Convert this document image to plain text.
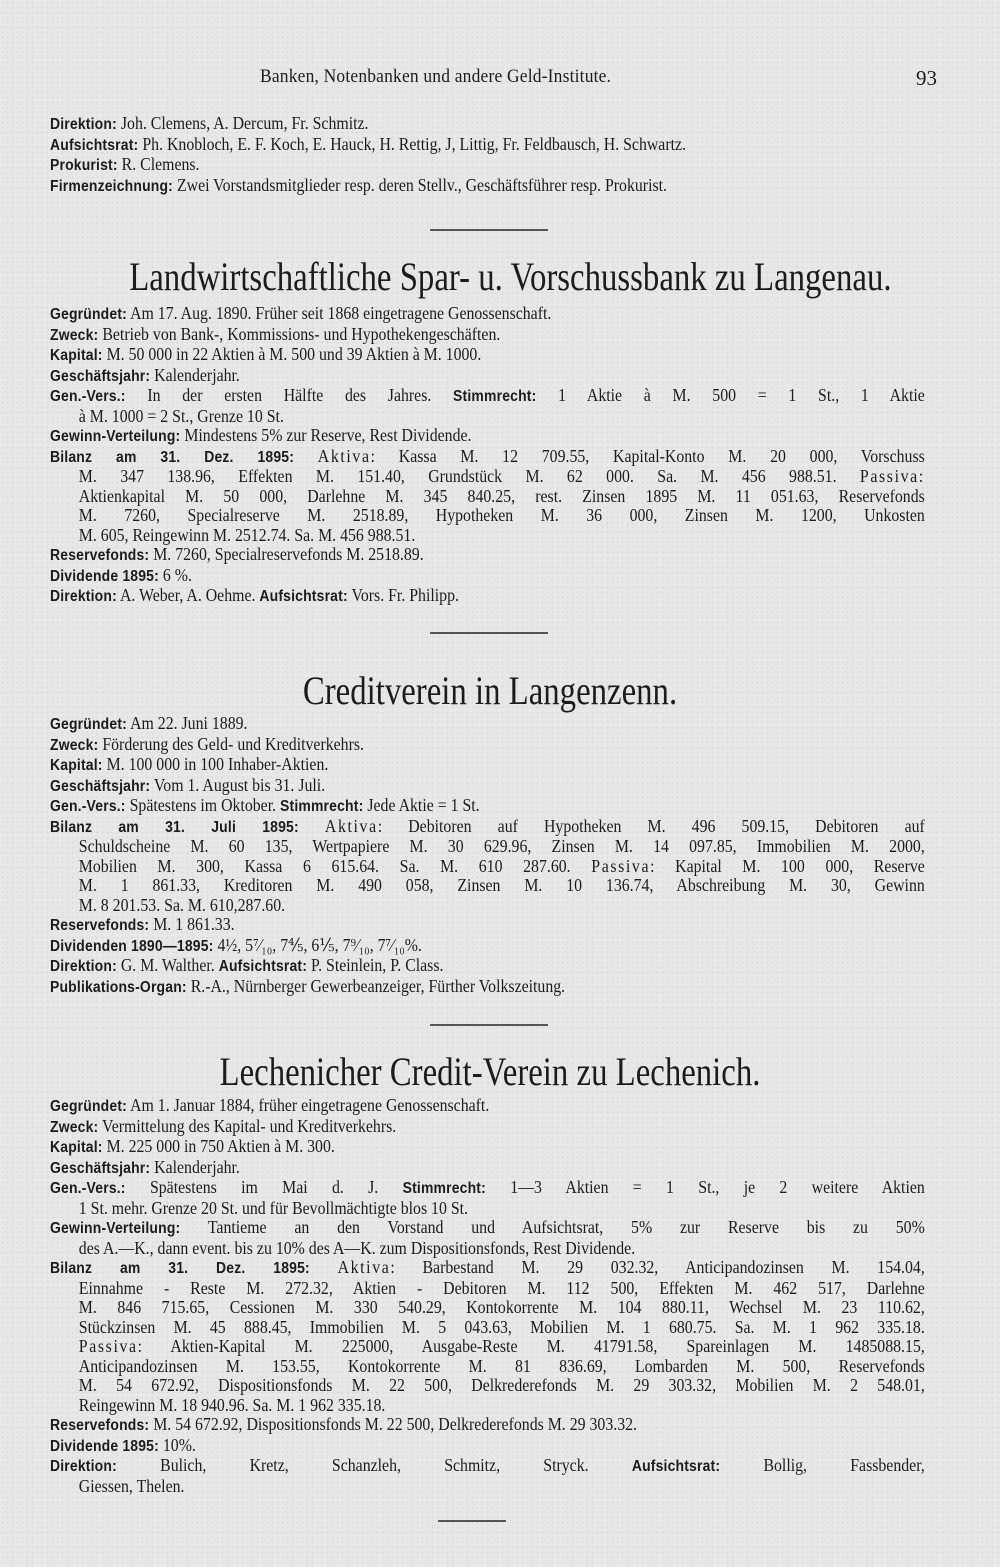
Banken, Notenbanken und andere Geld-Institute.	93
Direktion: Joh. Clemens, A. Dercum, Fr. Schmitz.
Aufsichtsrat: Ph. Knobloch, E. F. Koch, E. Hauck, H. Rettig, J, Littig, Fr. Feldbausch, H. Schwartz.
Prokurist: R. Clemens.
Firmenzeichnung: Zwei Vorstandsmitglieder resp. deren Stellv., Geschäftsführer resp. Prokurist.
Landwirtschaftliche Spar- u. Vorschussbank zu Langenau.
Gegründet: Am 17. Aug. 1890. Früher seit 1868 eingetragene Genossenschaft.
Zweck: Betrieb von Bank-, Kommissions- und Hypothekengeschäften.
Kapital: M. 50 000 in 22 Aktien à M. 500 und 39 Aktien à M. 1000.
Geschäftsjahr: Kalenderjahr.
Gen.-Vers.: In der ersten Hälfte des Jahres. Stimmrecht: 1 Aktie à M. 500 = 1 St., 1 Aktie
à M. 1000 = 2 St., Grenze 10 St.
Gewinn-Verteilung: Mindestens 5% zur Reserve, Rest Dividende.
Bilanz am 31. Dez. 1895: Aktiva: Kassa M. 12 709.55, Kapital-Konto M. 20 000, Vorschuss
M. 347 138.96, Effekten M. 151.40, Grundstück M. 62 000. Sa. M. 456 988.51. Passiva:
Aktienkapital M. 50 000, Darlehne M. 345 840.25, rest. Zinsen 1895 M. 11 051.63, Reservefonds
M. 7260, Specialreserve M. 2518.89, Hypotheken M. 36 000, Zinsen M. 1200, Unkosten
M. 605, Reingewinn M. 2512.74. Sa. M. 456 988.51.
Reservefonds: M. 7260, Specialreservefonds M. 2518.89.
Dividende 1895: 6 %.
Direktion: A. Weber, A. Oehme. Aufsichtsrat: Vors. Fr. Philipp.
Creditverein in Langenzenn.
Gegründet: Am 22. Juni 1889.
Zweck: Förderung des Geld- und Kreditverkehrs.
Kapital: M. 100 000 in 100 Inhaber-Aktien.
Geschäftsjahr: Vom 1. August bis 31. Juli.
Gen.-Vers.: Spätestens im Oktober. Stimmrecht: Jede Aktie = 1 St.
Bilanz am 31. Juli 1895: Aktiva: Debitoren auf Hypotheken M. 496 509.15, Debitoren auf
Schuldscheine M. 60 135, Wertpapiere M. 30 629.96, Zinsen M. 14 097.85, Immobilien M. 2000,
Mobilien M. 300, Kassa 6 615.64. Sa. M. 610 287.60. Passiva: Kapital M. 100 000, Reserve
M. 1 861.33, Kreditoren M. 490 058, Zinsen M. 10 136.74, Abschreibung M. 30, Gewinn
M. 8 201.53. Sa. M. 610,287.60.
Reservefonds: M. 1 861.33.
Dividenden 1890—1895: 4½, 5⁷⁄₁₀, 7⅘, 6⅕, 7⁹⁄₁₀, 7⁷⁄₁₀%.
Direktion: G. M. Walther. Aufsichtsrat: P. Steinlein, P. Class.
Publikations-Organ: R.-A., Nürnberger Gewerbeanzeiger, Fürther Volkszeitung.
Lechenicher Credit-Verein zu Lechenich.
Gegründet: Am 1. Januar 1884, früher eingetragene Genossenschaft.
Zweck: Vermittelung des Kapital- und Kreditverkehrs.
Kapital: M. 225 000 in 750 Aktien à M. 300.
Geschäftsjahr: Kalenderjahr.
Gen.-Vers.: Spätestens im Mai d. J. Stimmrecht: 1—3 Aktien = 1 St., je 2 weitere Aktien
1 St. mehr. Grenze 20 St. und für Bevollmächtigte blos 10 St.
Gewinn-Verteilung: Tantieme an den Vorstand und Aufsichtsrat, 5% zur Reserve bis zu 50%
des A.—K., dann event. bis zu 10% des A—K. zum Dispositionsfonds, Rest Dividende.
Bilanz am 31. Dez. 1895: Aktiva: Barbestand M. 29 032.32, Anticipandozinsen M. 154.04,
Einnahme - Reste M. 272.32, Aktien - Debitoren M. 112 500, Effekten M. 462 517, Darlehne
M. 846 715.65, Cessionen M. 330 540.29, Kontokorrente M. 104 880.11, Wechsel M. 23 110.62,
Stückzinsen M. 45 888.45, Immobilien M. 5 043.63, Mobilien M. 1 680.75. Sa. M. 1 962 335.18.
Passiva: Aktien-Kapital M. 225000, Ausgabe-Reste M. 41791.58, Spareinlagen M. 1485088.15,
Anticipandozinsen M. 153.55, Kontokorrente M. 81 836.69, Lombarden M. 500, Reservefonds
M. 54 672.92, Dispositionsfonds M. 22 500, Delkrederefonds M. 29 303.32, Mobilien M. 2 548.01,
Reingewinn M. 18 940.96. Sa. M. 1 962 335.18.
Reservefonds: M. 54 672.92, Dispositionsfonds M. 22 500, Delkrederefonds M. 29 303.32.
Dividende 1895: 10%.
Direktion: Bulich, Kretz, Schanzleh, Schmitz, Stryck. Aufsichtsrat: Bollig, Fassbender,
Giessen, Thelen.
